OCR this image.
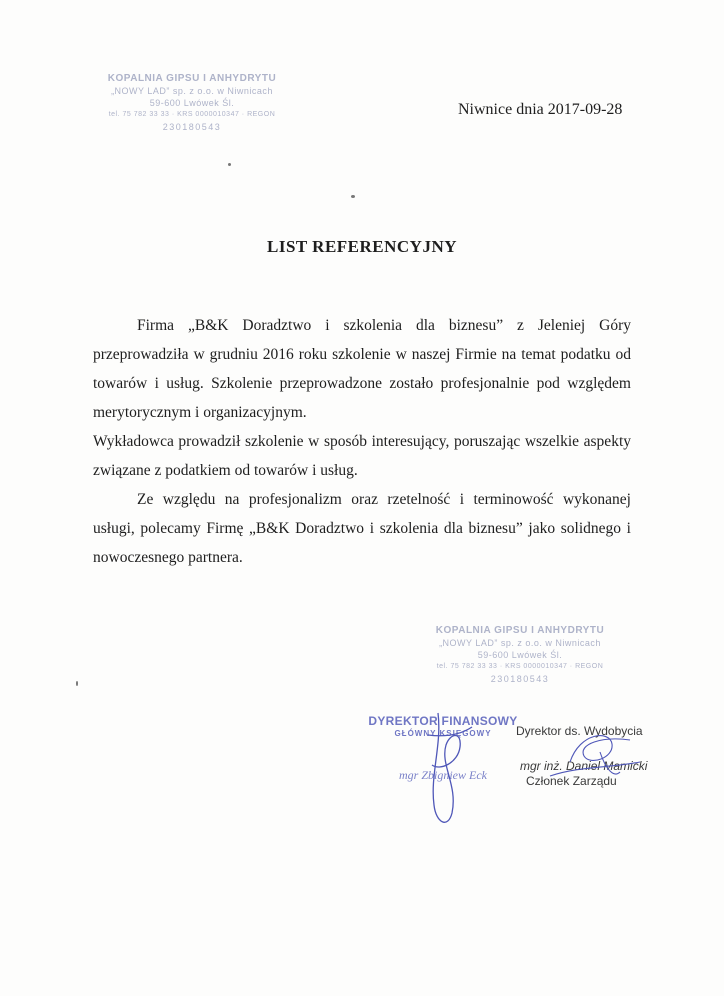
KOPALNIA GIPSU I ANHYDRYTU
„NOWY LAD” sp. z o.o. w Niwnicach
59-600 Lwówek Śl.
tel. 75 782 33 33 · KRS 0000010347 · REGON
230180543
Niwnice dnia 2017-09-28
LIST REFERENCYJNY

Firma „B&K Doradztwo i szkolenia dla biznesu” z Jeleniej Góry przeprowadziła w grudniu 2016 roku szkolenie w naszej Firmie na temat podatku od towarów i usług. Szkolenie przeprowadzone zostało profesjonalnie pod względem merytorycznym i organizacyjnym.

Wykładowca prowadził szkolenie w sposób interesujący, poruszając wszelkie aspekty związane z podatkiem od towarów i usług.

Ze względu na profesjonalizm oraz rzetelność i terminowość wykonanej usługi, polecamy Firmę „B&K Doradztwo i szkolenia dla biznesu” jako solidnego i nowoczesnego partnera.

KOPALNIA GIPSU I ANHYDRYTU
„NOWY LAD” sp. z o.o. w Niwnicach
59-600 Lwówek Śl.
tel. 75 782 33 33 · KRS 0000010347 · REGON
230180543
DYREKTOR FINANSOWY
GŁÓWNY KSIĘGOWY
mgr Zbigniew Eck
Dyrektor ds. Wydobycia
mgr inż. Daniel Mamicki
Członek Zarządu
